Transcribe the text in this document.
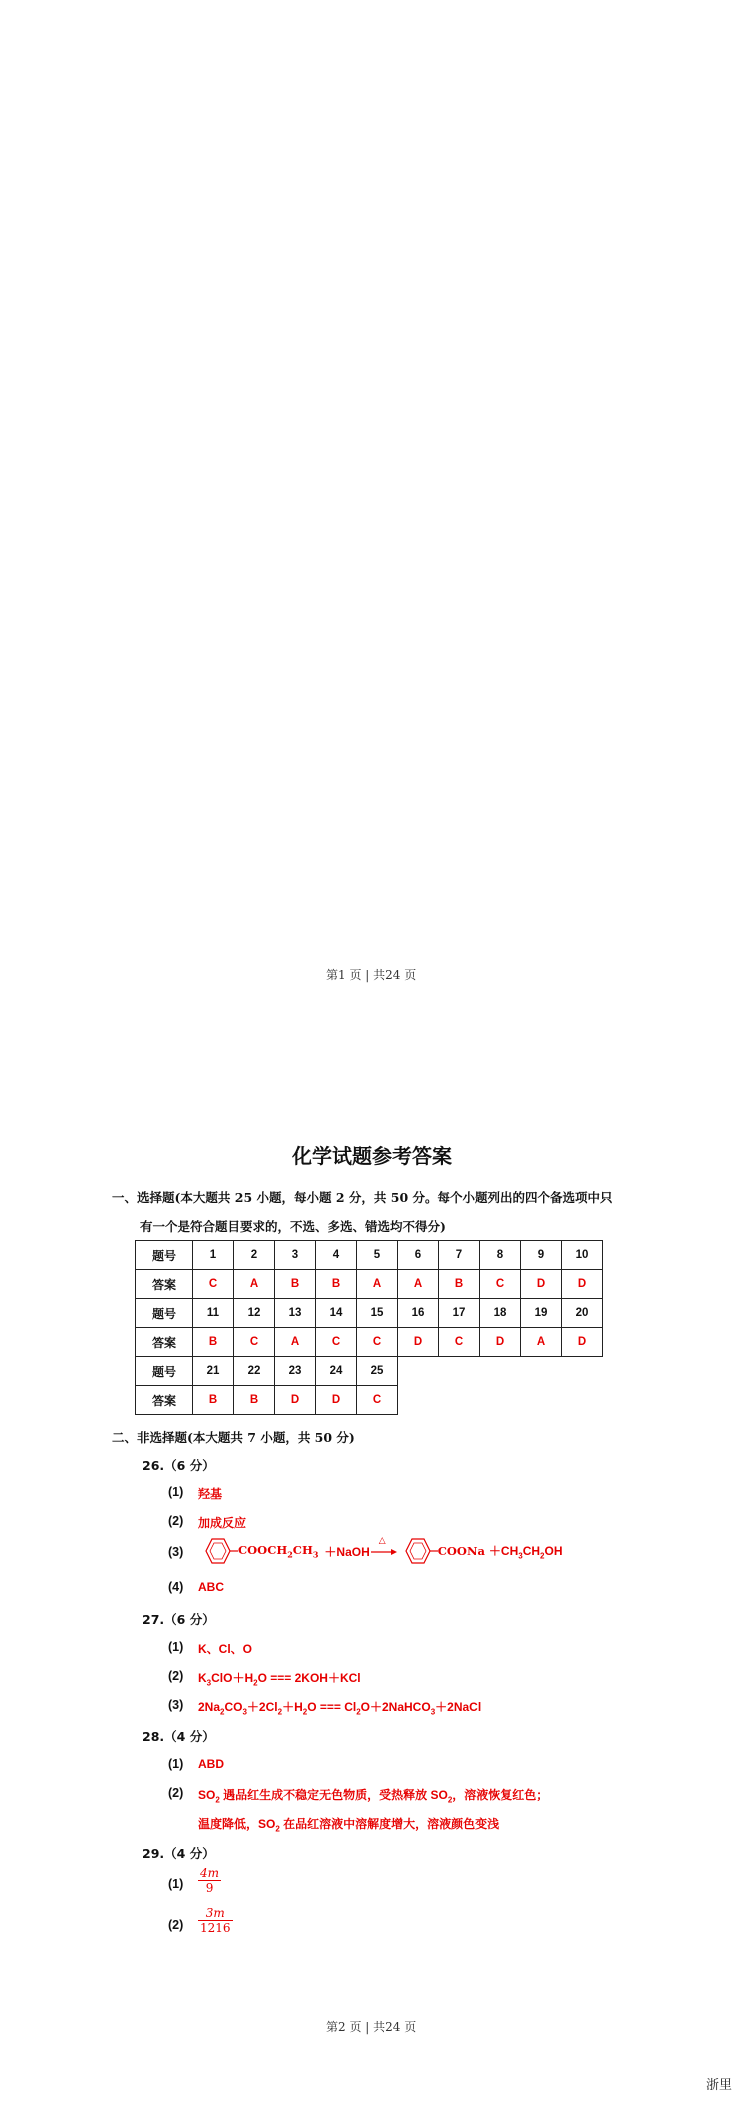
第1 页 | 共24 页
化学试题参考答案
一、选择题(本大题共 25 小题，每小题 2 分，共 50 分。每个小题列出的四个备选项中只
有一个是符合题目要求的，不选、多选、错选均不得分)
题号	1	2	3	4	5	6	7	8	9	10
答案	C	A	B	B	A	A	B	C	D	D
题号	11	12	13	14	15	16	17	18	19	20
答案	B	C	A	C	C	D	C	D	A	D
题号	21	22	23	24	25					
答案	B	B	D	D	C					
二、非选择题(本大题共 7 小题，共 50 分)
26.（6 分）
(1) 羟基
(2) 加成反应
(3)	$COOCH_2CH_3$ ＋NaOH
△
COONa $+CH_3CH_2OH$
(4) ABC
27.（6 分）
(1) K、Cl、O
(2) $K_3ClO+H_2O$ === 2KOH＋KCl
(3) $2Na_2CO_3+2Cl_2+H_2O$ === $Cl_2O+2NaHCO_3+2NaCl$
28.（4 分）
(1) ABD
(2) $SO_2$ 遇品红生成不稳定无色物质，受热释放 $SO_2$，溶液恢复红色；
温度降低，$SO_2$ 在品红溶液中溶解度增大，溶液颜色变浅
29.（4 分）
(1)
4m
9
(2)
3m
1216
第2 页 | 共24 页
浙里
